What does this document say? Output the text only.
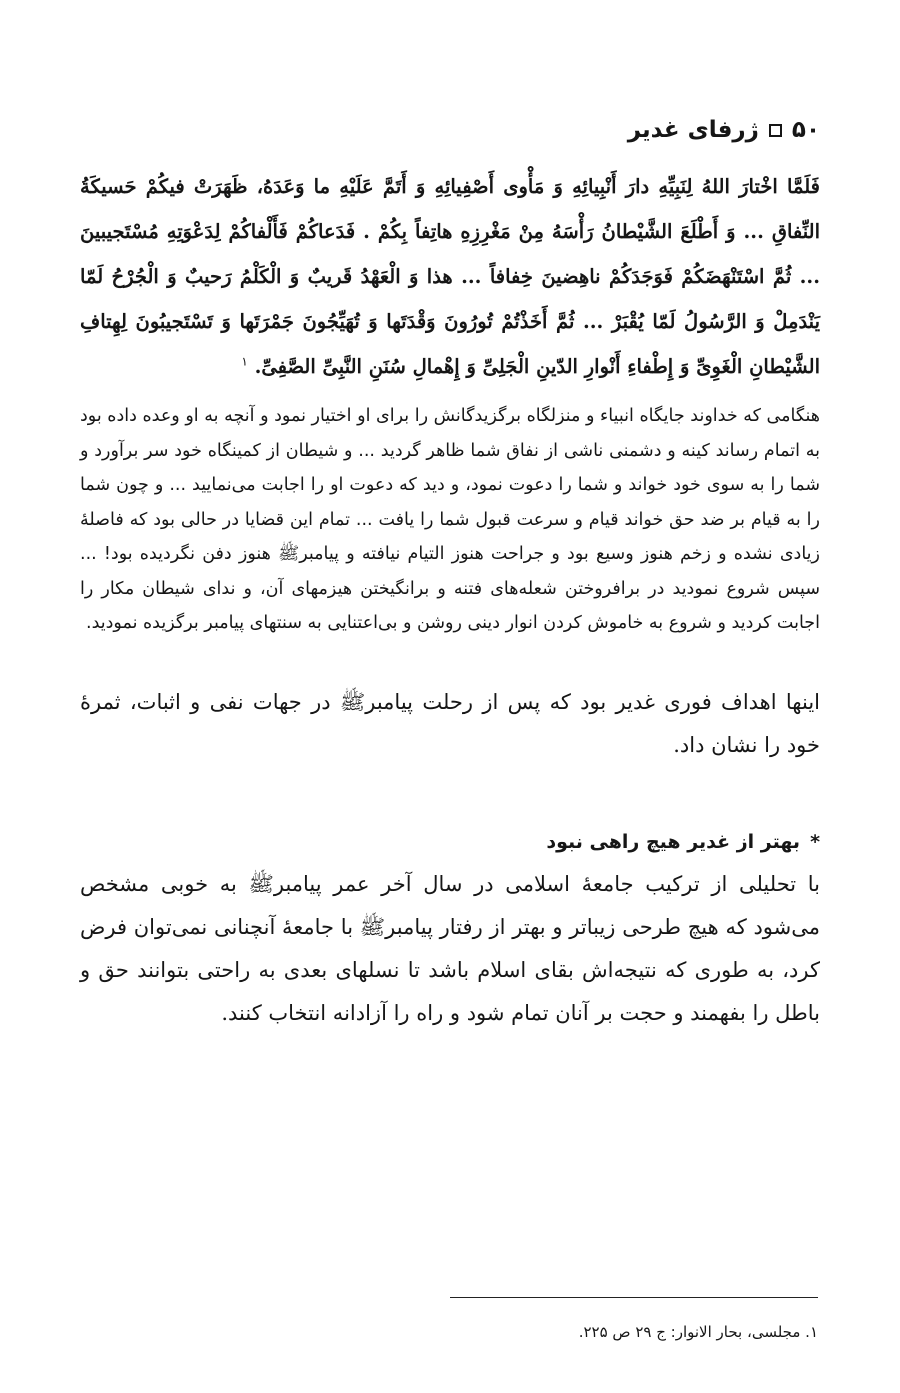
۵۰
ژرفای غدیر
فَلَمَّا اخْتارَ اللهُ لِنَبِیِّهِ دارَ أَنْبِیائِهِ وَ مَأْوی أَصْفِیائِهِ وَ أَتَمَّ عَلَیْهِ ما وَعَدَهُ، ظَهَرَتْ فیکُمْ حَسیکَةُ النِّفاقِ ... وَ أَطْلَعَ الشَّیْطانُ رَأْسَهُ مِنْ مَغْرِزِهِ هاتِفاً بِکُمْ . فَدَعاکُمْ فَأَلْفاکُمْ لِدَعْوَتِهِ مُسْتَجیبینَ ... ثُمَّ اسْتَنْهَضَکُمْ فَوَجَدَکُمْ ناهِضینَ خِفافاً ... هذا وَ الْعَهْدُ قَریبٌ وَ الْکَلْمُ رَحیبٌ وَ الْجُرْحُ لَمّا یَنْدَمِلْ وَ الرَّسُولُ لَمّا یُقْبَرْ ... ثُمَّ أَخَذْتُمْ تُورُونَ وَقْدَتَها وَ تُهَیِّجُونَ جَمْرَتَها وَ تَسْتَجیبُونَ لِهِتافِ الشَّیْطانِ الْغَوِیِّ وَ إِطْفاءِ أَنْوارِ الدّینِ الْجَلِیِّ وَ إِهْمالِ سُنَنِ النَّبِیِّ الصَّفِیِّ. $^۱$
هنگامی که خداوند جایگاه انبیاء و منزلگاه برگزیدگانش را برای او اختیار نمود و آنچه به او وعده داده بود به اتمام رساند کینه و دشمنی ناشی از نفاق شما ظاهر گردید ... و شیطان از کمینگاه خود سر برآورد و شما را به سوی خود خواند و شما را دعوت نمود، و دید که دعوت او را اجابت می‌نمایید ... و چون شما را به قیام بر ضد حق خواند قیام و سرعت قبول شما را یافت ... تمام این قضایا در حالی بود که فاصلهٔ زیادی نشده و زخم هنوز وسیع بود و جراحت هنوز التیام نیافته و پیامبرﷺ هنوز دفن نگردیده بود! ... سپس شروع نمودید در برافروختن شعله‌های فتنه و برانگیختن هیزمهای آن، و ندای شیطان مکار را اجابت کردید و شروع به خاموش کردن انوار دینی روشن و بی‌اعتنایی به سنتهای پیامبر برگزیده نمودید.
اینها اهداف فوری غدیر بود که پس از رحلت پیامبرﷺ در جهات نفی و اثبات، ثمرهٔ خود را نشان داد.
*بهتر از غدیر هیچ راهی نبود
با تحلیلی از ترکیب جامعهٔ اسلامی در سال آخر عمر پیامبرﷺ به خوبی مشخص می‌شود که هیچ طرحی زیباتر و بهتر از رفتار پیامبرﷺ با جامعهٔ آنچنانی نمی‌توان فرض کرد، به طوری که نتیجه‌اش بقای اسلام باشد تا نسلهای بعدی به راحتی بتوانند حق و باطل را بفهمند و حجت بر آنان تمام شود و راه را آزادانه انتخاب کنند.
۱. مجلسی، بحار الانوار: ج ۲۹ ص ۲۲۵.
